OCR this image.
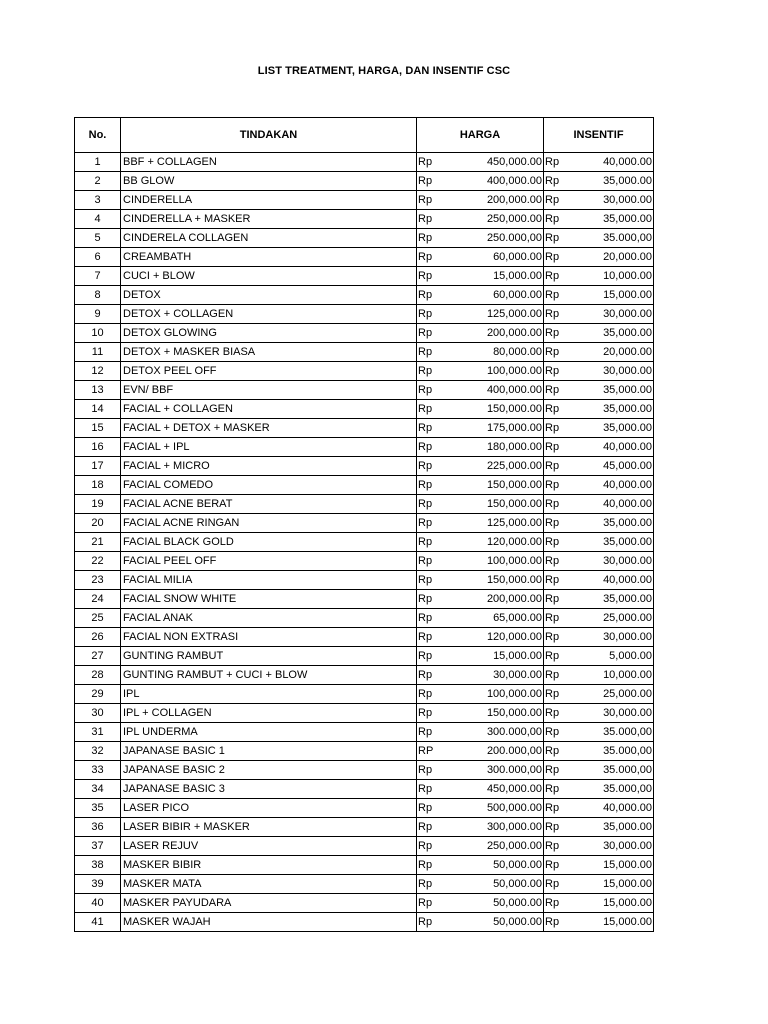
LIST TREATMENT, HARGA, DAN INSENTIF CSC
No.	TINDAKAN	HARGA		INSENTIF	
1	BBF + COLLAGEN	Rp	450,000.00	Rp	40,000.00
2	BB GLOW	Rp	400,000.00	Rp	35,000.00
3	CINDERELLA	Rp	200,000.00	Rp	30,000.00
4	CINDERELLA + MASKER	Rp	250,000.00	Rp	35,000.00
5	CINDERELA COLLAGEN	Rp	250.000,00	Rp	35.000,00
6	CREAMBATH	Rp	60,000.00	Rp	20,000.00
7	CUCI + BLOW	Rp	15,000.00	Rp	10,000.00
8	DETOX	Rp	60,000.00	Rp	15,000.00
9	DETOX + COLLAGEN	Rp	125,000.00	Rp	30,000.00
10	DETOX GLOWING	Rp	200,000.00	Rp	35,000.00
11	DETOX + MASKER BIASA	Rp	80,000.00	Rp	20,000.00
12	DETOX PEEL OFF	Rp	100,000.00	Rp	30,000.00
13	EVN/ BBF	Rp	400,000.00	Rp	35,000.00
14	FACIAL + COLLAGEN	Rp	150,000.00	Rp	35,000.00
15	FACIAL + DETOX + MASKER	Rp	175,000.00	Rp	35,000.00
16	FACIAL + IPL	Rp	180,000.00	Rp	40,000.00
17	FACIAL + MICRO	Rp	225,000.00	Rp	45,000.00
18	FACIAL COMEDO	Rp	150,000.00	Rp	40,000.00
19	FACIAL ACNE BERAT	Rp	150,000.00	Rp	40,000.00
20	FACIAL ACNE RINGAN	Rp	125,000.00	Rp	35,000.00
21	FACIAL BLACK GOLD	Rp	120,000.00	Rp	35,000.00
22	FACIAL PEEL OFF	Rp	100,000.00	Rp	30,000.00
23	FACIAL MILIA	Rp	150,000.00	Rp	40,000.00
24	FACIAL SNOW WHITE	Rp	200,000.00	Rp	35,000.00
25	FACIAL ANAK	Rp	65,000.00	Rp	25,000.00
26	FACIAL NON EXTRASI	Rp	120,000.00	Rp	30,000.00
27	GUNTING RAMBUT	Rp	15,000.00	Rp	5,000.00
28	GUNTING RAMBUT + CUCI + BLOW	Rp	30,000.00	Rp	10,000.00
29	IPL	Rp	100,000.00	Rp	25,000.00
30	IPL + COLLAGEN	Rp	150,000.00	Rp	30,000.00
31	IPL UNDERMA	Rp	300.000,00	Rp	35.000,00
32	JAPANASE BASIC 1	RP	200.000,00	Rp	35.000,00
33	JAPANASE BASIC 2	Rp	300.000,00	Rp	35.000,00
34	JAPANASE BASIC 3	Rp	450,000.00	Rp	35.000,00
35	LASER PICO	Rp	500,000.00	Rp	40,000.00
36	LASER BIBIR + MASKER	Rp	300,000.00	Rp	35,000.00
37	LASER REJUV	Rp	250,000.00	Rp	30,000.00
38	MASKER BIBIR	Rp	50,000.00	Rp	15,000.00
39	MASKER MATA	Rp	50,000.00	Rp	15,000.00
40	MASKER PAYUDARA	Rp	50,000.00	Rp	15,000.00
41	MASKER WAJAH	Rp	50,000.00	Rp	15,000.00
